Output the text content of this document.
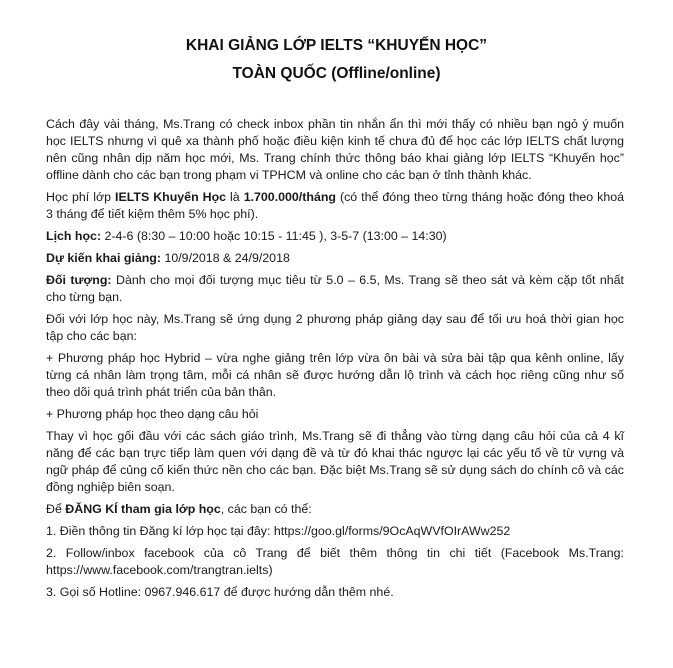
KHAI GIẢNG LỚP IELTS “KHUYẾN HỌC”
TOÀN QUỐC (Offline/online)

Cách đây vài tháng, Ms.Trang có check inbox phần tin nhắn ẩn thì mới thấy có nhiều bạn ngỏ ý muốn học IELTS nhưng vì quê xa thành phố hoặc điều kiện kinh tế chưa đủ để học các lớp IELTS chất lượng nên cũng nhân dịp năm học mới, Ms. Trang chính thức thông báo khai giảng lớp IELTS “Khuyến học” offline dành cho các bạn trong phạm vi TPHCM và online cho các bạn ở tỉnh thành khác.

Học phí lớp IELTS Khuyến Học là 1.700.000/tháng (có thể đóng theo từng tháng hoặc đóng theo khoá 3 tháng để tiết kiệm thêm 5% học phí).

Lịch học: 2-4-6 (8:30 – 10:00 hoặc 10:15 - 11:45 ), 3-5-7 (13:00 – 14:30)

Dự kiến khai giảng: 10/9/2018 & 24/9/2018

Đối tượng: Dành cho mọi đối tượng mục tiêu từ 5.0 – 6.5, Ms. Trang sẽ theo sát và kèm cặp tốt nhất cho từng bạn.

Đối với lớp học này, Ms.Trang sẽ ứng dụng 2 phương pháp giảng dạy sau để tối ưu hoá thời gian học tập cho các bạn:

+ Phương pháp học Hybrid – vừa nghe giảng trên lớp vừa ôn bài và sửa bài tập qua kênh online, lấy từng cá nhân làm trọng tâm, mỗi cá nhân sẽ được hướng dẫn lộ trình và cách học riêng cũng như số theo dõi quá trình phát triển của bản thân.

+ Phương pháp học theo dạng câu hỏi

Thay vì học gối đầu với các sách giáo trình, Ms.Trang sẽ đi thẳng vào từng dạng câu hỏi của cả 4 kĩ năng để các bạn trực tiếp làm quen với dạng đề và từ đó khai thác ngược lại các yếu tố về từ vựng và ngữ pháp để củng cố kiến thức nền cho các bạn. Đặc biệt Ms.Trang sẽ sử dụng sách do chính cô và các đồng nghiệp biên soạn.

Để ĐĂNG KÍ tham gia lớp học, các bạn có thể:

1. Điền thông tin Đăng kí lớp học tại đây: https://goo.gl/forms/9OcAqWVfOIrAWw252

2. Follow/inbox facebook của cô Trang để biết thêm thông tin chi tiết (Facebook Ms.Trang: https://www.facebook.com/trangtran.ielts)

3. Gọi số Hotline: 0967.946.617 để được hướng dẫn thêm nhé.
